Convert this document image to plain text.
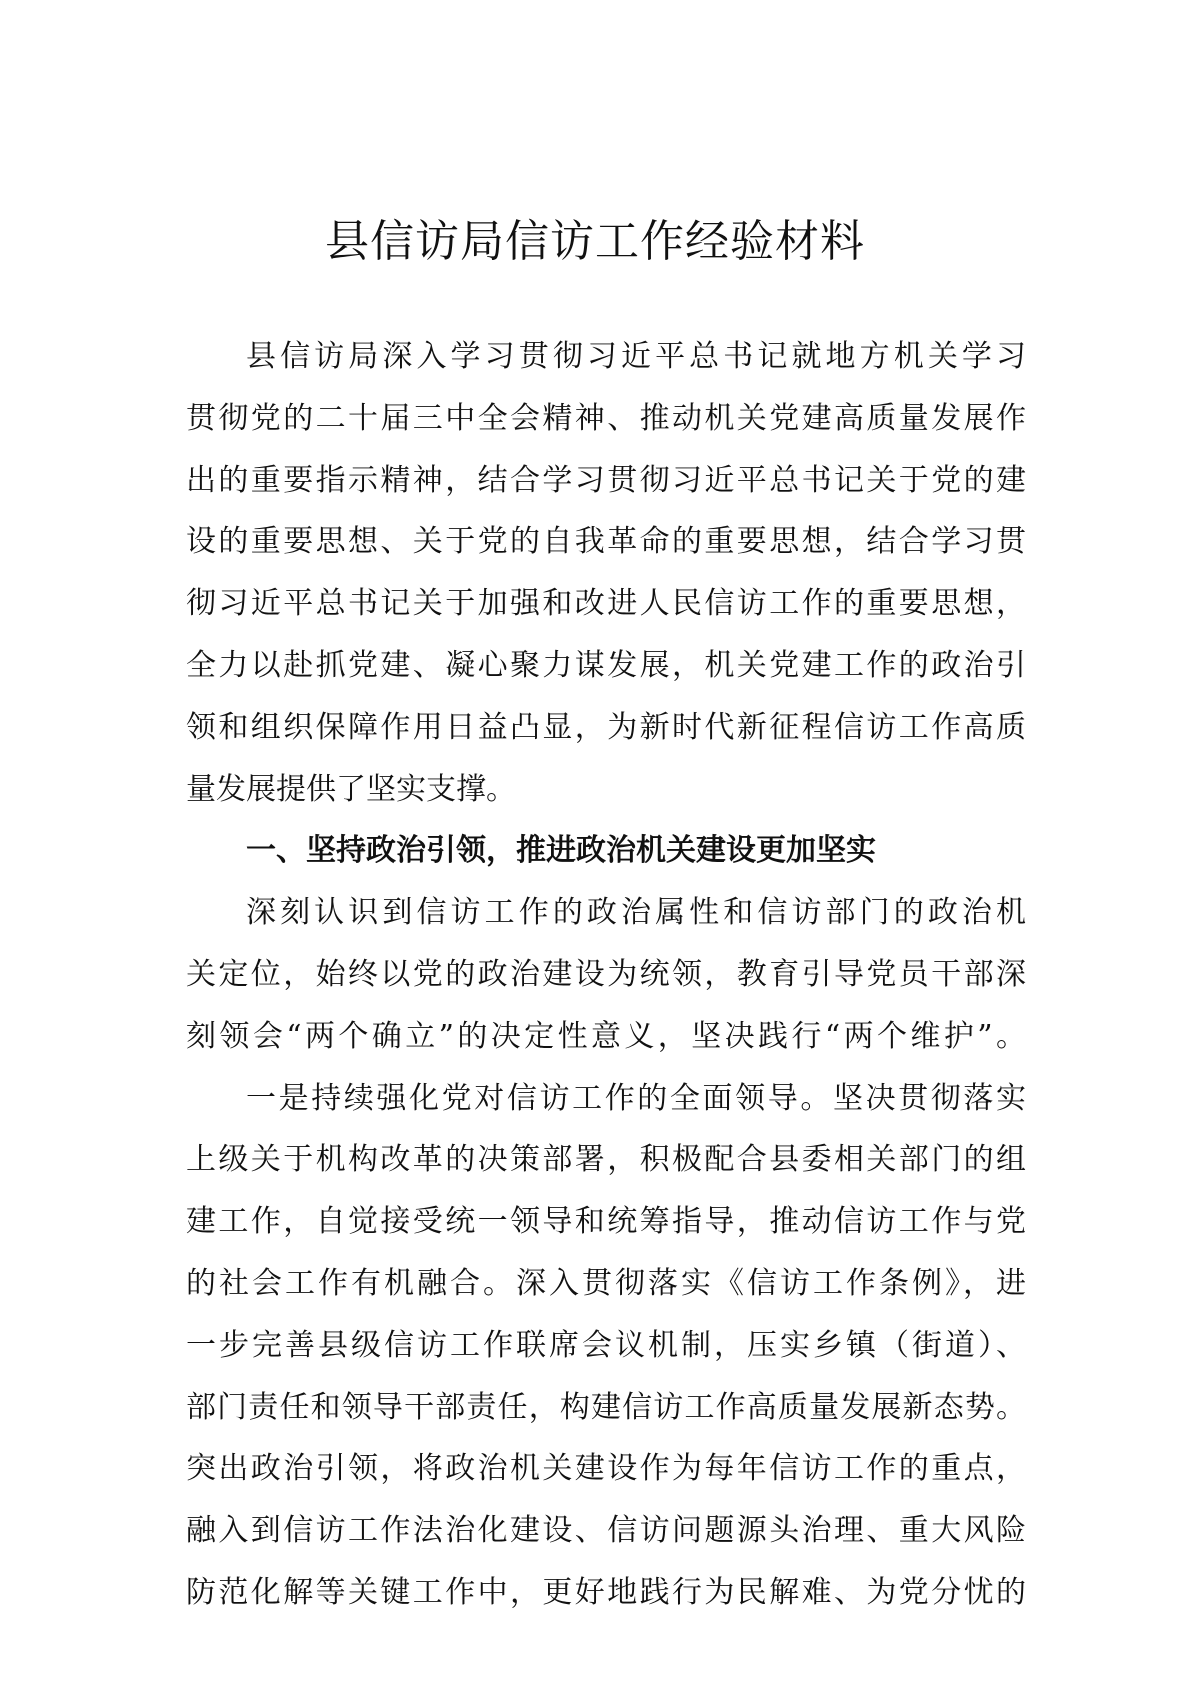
县信访局信访工作经验材料

县信访局深入学习贯彻习近平总书记就地方机关学习

贯彻党的二十届三中全会精神、推动机关党建高质量发展作

出的重要指示精神，结合学习贯彻习近平总书记关于党的建

设的重要思想、关于党的自我革命的重要思想，结合学习贯

彻习近平总书记关于加强和改进人民信访工作的重要思想，

全力以赴抓党建、凝心聚力谋发展，机关党建工作的政治引

领和组织保障作用日益凸显，为新时代新征程信访工作高质

量发展提供了坚实支撑。

一、坚持政治引领，推进政治机关建设更加坚实

深刻认识到信访工作的政治属性和信访部门的政治机

关定位，始终以党的政治建设为统领，教育引导党员干部深

刻领会“两个确立”的决定性意义，坚决践行“两个维护”。

一是持续强化党对信访工作的全面领导。坚决贯彻落实

上级关于机构改革的决策部署，积极配合县委相关部门的组

建工作，自觉接受统一领导和统筹指导，推动信访工作与党

的社会工作有机融合。深入贯彻落实《信访工作条例》，进

一步完善县级信访工作联席会议机制，压实乡镇（街道）、

部门责任和领导干部责任，构建信访工作高质量发展新态势。

突出政治引领，将政治机关建设作为每年信访工作的重点，

融入到信访工作法治化建设、信访问题源头治理、重大风险

防范化解等关键工作中，更好地践行为民解难、为党分忧的
